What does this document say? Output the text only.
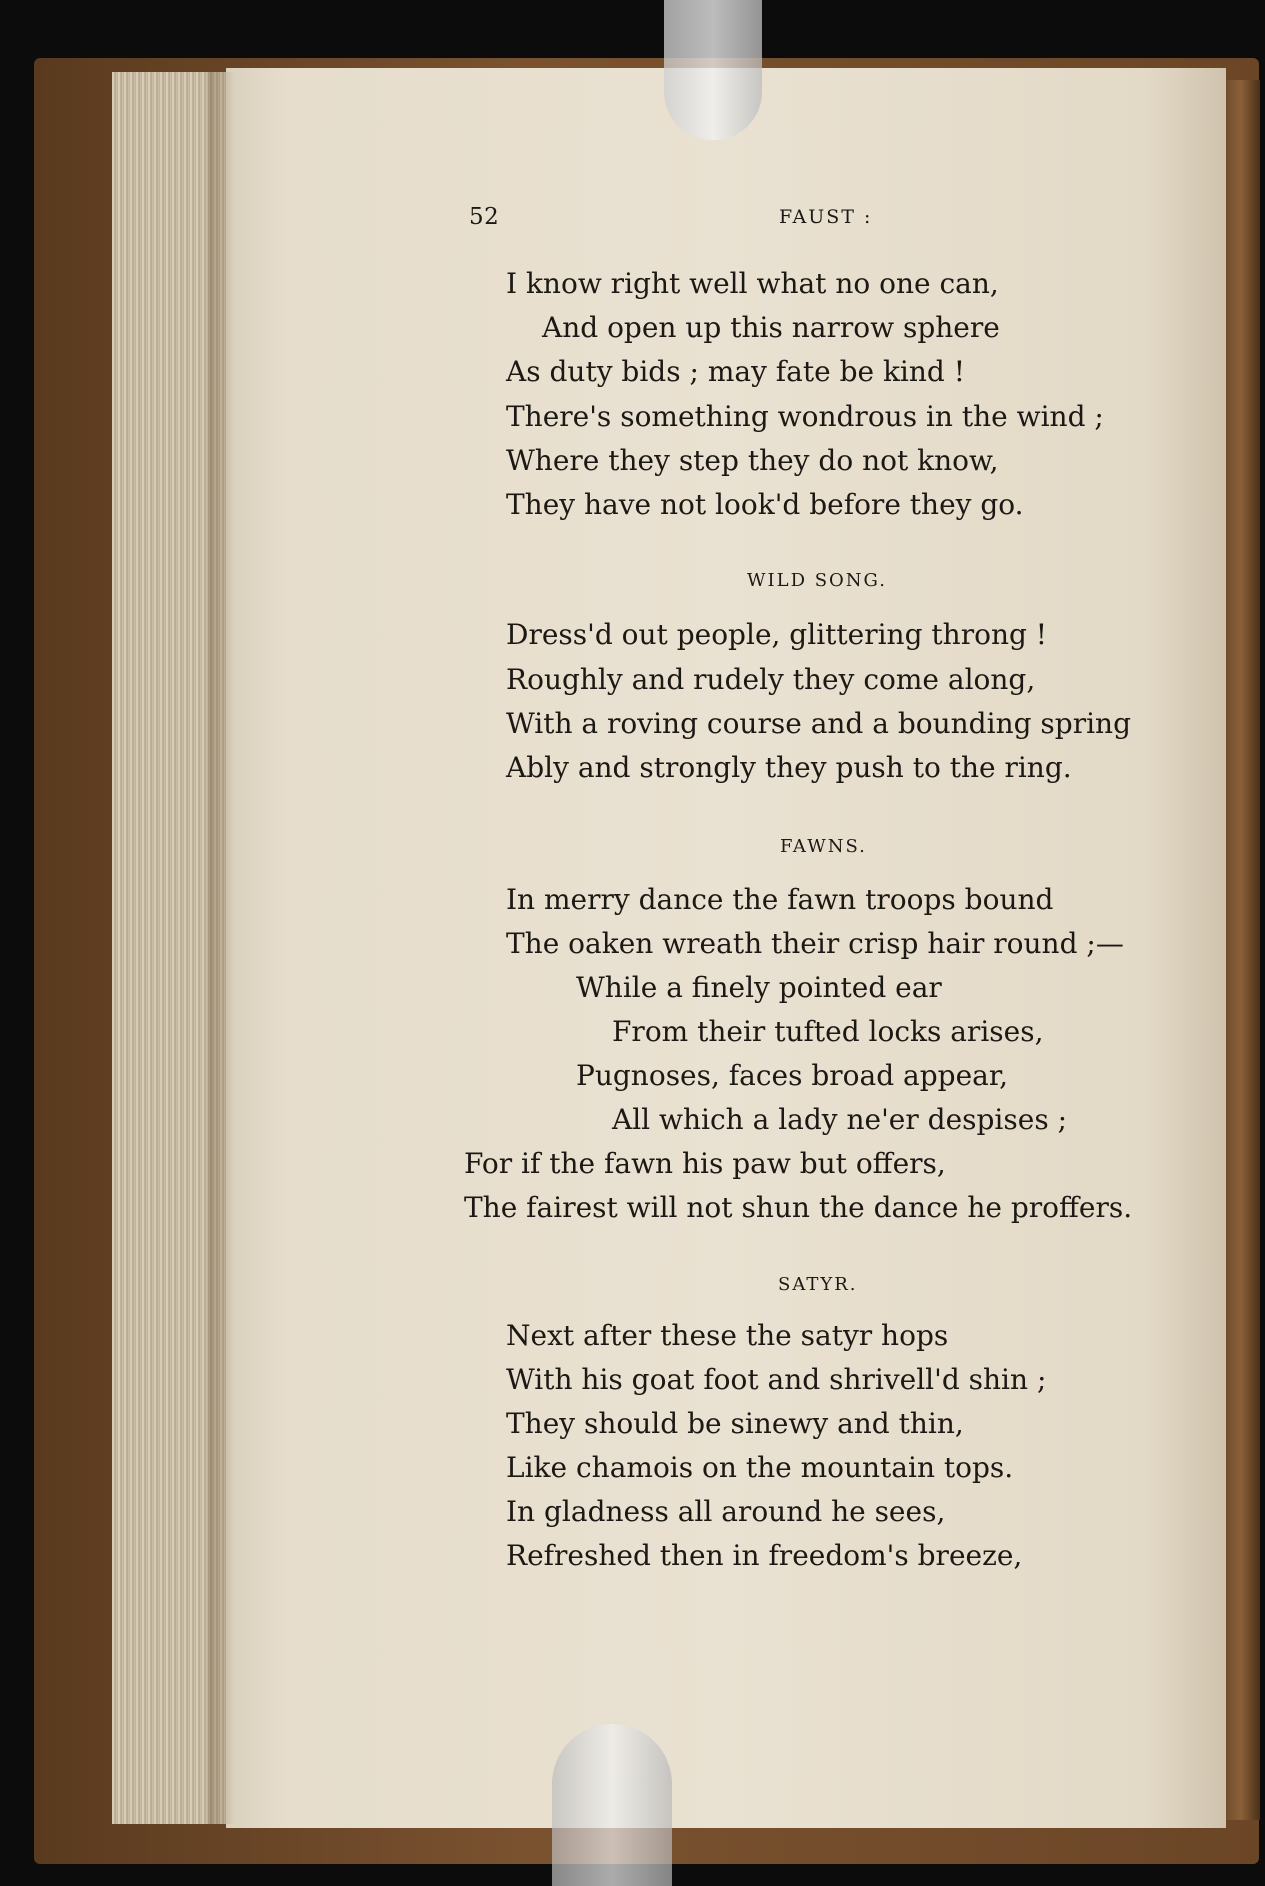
52	FAUST :
I know right well what no one can,
And open up this narrow sphere
As duty bids ; may fate be kind !
There's something wondrous in the wind ;
Where they step they do not know,
They have not look'd before they go.
WILD SONG.
Dress'd out people, glittering throng !
Roughly and rudely they come along,
With a roving course and a bounding spring
Ably and strongly they push to the ring.
FAWNS.
In merry dance the fawn troops bound
The oaken wreath their crisp hair round ;—
While a finely pointed ear
From their tufted locks arises,
Pugnoses, faces broad appear,
All which a lady ne'er despises ;
For if the fawn his paw but offers,
The fairest will not shun the dance he proffers.
SATYR.
Next after these the satyr hops
With his goat foot and shrivell'd shin ;
They should be sinewy and thin,
Like chamois on the mountain tops.
In gladness all around he sees,
Refreshed then in freedom's breeze,
